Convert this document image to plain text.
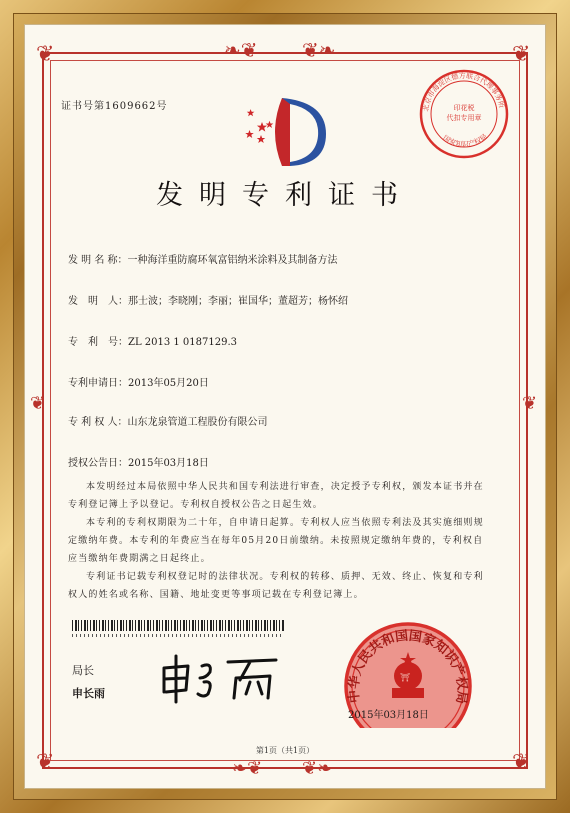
❦	❦
❦	❦
❧❦ ❦❧
❧❦ ❦❧
❦	❦
证书号第1609662号	北京市海淀区德方联合代理事务所
印花税
代扣专用章
国家知识产权局
发明专利证书
发 明 名 称：一种海洋重防腐环氧富铝纳米涂料及其制备方法
发　明　人：那士波；李晓刚；李丽；崔国华；董超芳；杨怀绍
专　利　号：ZL 2013 1 0187129.3
专利申请日：2013年05月20日
专 利 权 人：山东龙泉管道工程股份有限公司
授权公告日：2015年03月18日
本发明经过本局依照中华人民共和国专利法进行审查，决定授予专利权，颁发本证书并在专利登记簿上予以登记。专利权自授权公告之日起生效。
本专利的专利权期限为二十年，自申请日起算。专利权人应当依照专利法及其实施细则规定缴纳年费。本专利的年费应当在每年05月20日前缴纳。未按照规定缴纳年费的，专利权自应当缴纳年费期满之日起终止。
专利证书记载专利权登记时的法律状况。专利权的转移、质押、无效、终止、恢复和专利权人的姓名或名称、国籍、地址变更等事项记载在专利登记簿上。
局长
申长雨	中华人民共和国国家知识产权局
⛩
2015年03月18日
第1页（共1页）
